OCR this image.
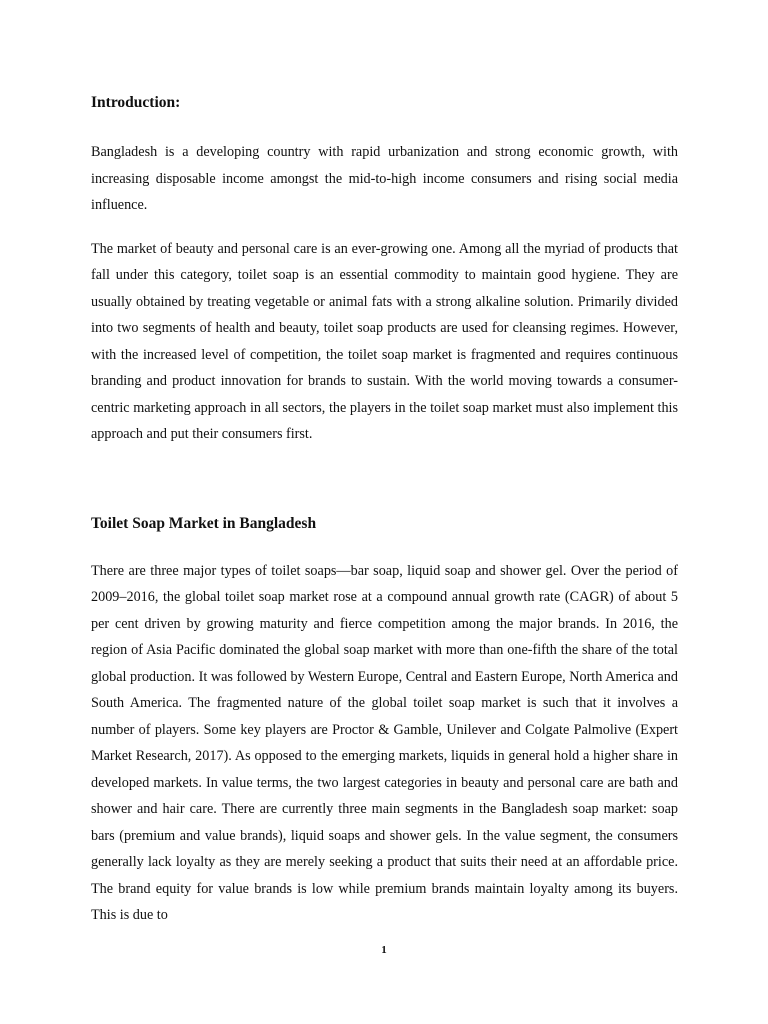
Introduction:

Bangladesh is a developing country with rapid urbanization and strong economic growth, with increasing disposable income amongst the mid-to-high income consumers and rising social media influence.

The market of beauty and personal care is an ever-growing one. Among all the myriad of products that fall under this category, toilet soap is an essential commodity to maintain good hygiene. They are usually obtained by treating vegetable or animal fats with a strong alkaline solution. Primarily divided into two segments of health and beauty, toilet soap products are used for cleansing regimes. However, with the increased level of competition, the toilet soap market is fragmented and requires continuous branding and product innovation for brands to sustain. With the world moving towards a consumer- centric marketing approach in all sectors, the players in the toilet soap market must also implement this approach and put their consumers first.

Toilet Soap Market in Bangladesh

There are three major types of toilet soaps—bar soap, liquid soap and shower gel. Over the period of 2009–2016, the global toilet soap market rose at a compound annual growth rate (CAGR) of about 5 per cent driven by growing maturity and fierce competition among the major brands. In 2016, the region of Asia Pacific dominated the global soap market with more than one-fifth the share of the total global production. It was followed by Western Europe, Central and Eastern Europe, North America and South America. The fragmented nature of the global toilet soap market is such that it involves a number of players. Some key players are Proctor & Gamble, Unilever and Colgate Palmolive (Expert Market Research, 2017). As opposed to the emerging markets, liquids in general hold a higher share in developed markets. In value terms, the two largest categories in beauty and personal care are bath and shower and hair care. There are currently three main segments in the Bangladesh soap market: soap bars (premium and value brands), liquid soaps and shower gels. In the value segment, the consumers generally lack loyalty as they are merely seeking a product that suits their need at an affordable price. The brand equity for value brands is low while premium brands maintain loyalty among its buyers. This is due to

1
